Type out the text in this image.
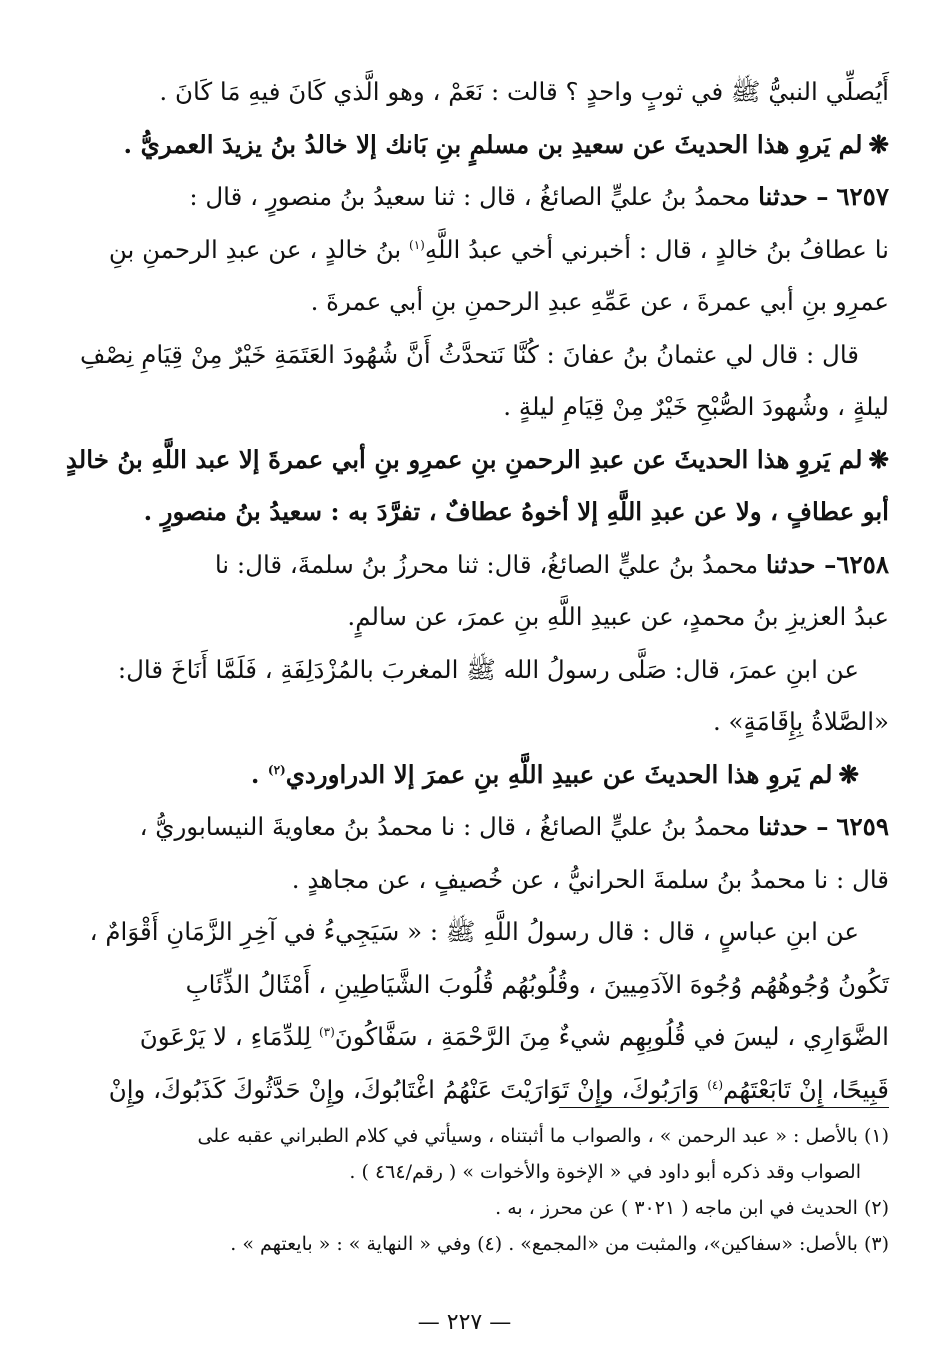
أَيُصلِّي النبيُّ ﷺ في ثوبٍ واحدٍ ؟ قالت : نَعَمْ ، وهو الَّذي كَانَ فيهِ مَا كَانَ .

❋لم يَروِ هذا الحديثَ عن سعيدِ بن مسلمٍ بنِ بَانك إلا خالدُ بنُ يزيدَ العمريُّ .

٦٢٥٧ – حدثنا محمدُ بنُ عليٍّ الصائغُ ، قال : ثنا سعيدُ بنُ منصورٍ ، قال :

نا عطافُ بنُ خالدٍ ، قال : أخبرني أخي عبدُ اللَّهِ$^{(١)}$ بنُ خالدٍ ، عن عبدِ الرحمنِ بنِ

عمرِو بنِ أبي عمرةَ ، عن عَمِّهِ عبدِ الرحمنِ بنِ أبي عمرةَ .

قال : قال لي عثمانُ بنُ عفانَ : كُنَّا نَتحدَّثُ أَنَّ شُهُودَ العَتَمَةِ خَيْرٌ مِنْ قِيَامِ نِصْفِ

ليلةٍ ، وشُهودَ الصُّبْحِ خَيْرٌ مِنْ قِيَامِ ليلةٍ .

❋لم يَروِ هذا الحديثَ عن عبدِ الرحمنِ بنِ عمرِو بنِ أبي عمرةَ إلا عبد اللَّهِ بنُ خالدٍ

أبو عطافٍ ، ولا عن عبدِ اللَّهِ إلا أخوهُ عطافٌ ، تفرَّدَ به : سعيدُ بنُ منصورٍ .

٦٢٥٨– حدثنا محمدُ بنُ عليٍّ الصائغُ، قال: ثنا محرزُ بنُ سلمةَ، قال: نا

عبدُ العزيزِ بنُ محمدٍ، عن عبيدِ اللَّهِ بنِ عمرَ، عن سالمٍ.

عن ابنِ عمرَ، قال: صَلَّى رسولُ الله ﷺ المغربَ بالمُزْدَلِفَةِ ، فَلَمَّا أَنَاخَ قال:

«الصَّلاةُ بِإِقَامَةٍ» .

❋لم يَروِ هذا الحديثَ عن عبيدِ اللَّهِ بنِ عمرَ إلا الدراوردي$^{(٢)}$ .

٦٢٥٩ – حدثنا محمدُ بنُ عليٍّ الصائغُ ، قال : نا محمدُ بنُ معاويةَ النيسابوريُّ ،

قال : نا محمدُ بنُ سلمةَ الحرانيُّ ، عن خُصيفٍ ، عن مجاهدٍ .

عن ابنِ عباسٍ ، قال : قال رسولُ اللَّهِ ﷺ : « سَيَجِيءُ في آخِرِ الزَّمَانِ أَقْوَامٌ ،

تَكُونُ وُجُوهُهُم وُجُوهَ الآدَمِيينَ ، وقُلُوبُهُم قُلُوبَ الشَّيَاطِينِ ، أَمْثَالُ الذِّئَابِ

الضَّوَارِي ، ليسَ في قُلُوبِهِم شيءٌ مِنَ الرَّحْمَةِ ، سَفَّاكُونَ$^{(٣)}$ لِلدِّمَاءِ ، لا يَرْعَونَ

قَبِيحًا، إِنْ تَابَعْتَهُم$^{(٤)}$ وَارَبُوكَ، وإِنْ تَوَارَيْتَ عَنْهُمُ اغْتَابُوكَ، وإِنْ حَدَّثُوكَ كَذَبُوكَ، وإِنْ

(١) بالأصل : « عبد الرحمن » ، والصواب ما أثبتناه ، وسيأتي في كلام الطبراني عقبه على

الصواب وقد ذكره أبو داود في « الإخوة والأخوات » ( رقم/٤٦٤ ) .

(٢) الحديث في ابن ماجه ( ٣٠٢١ ) عن محرز ، به .

(٣) بالأصل: «سفاكين»، والمثبت من «المجمع» . (٤) وفي « النهاية » : « بايعتهم » .

— ٢٢٧ —
